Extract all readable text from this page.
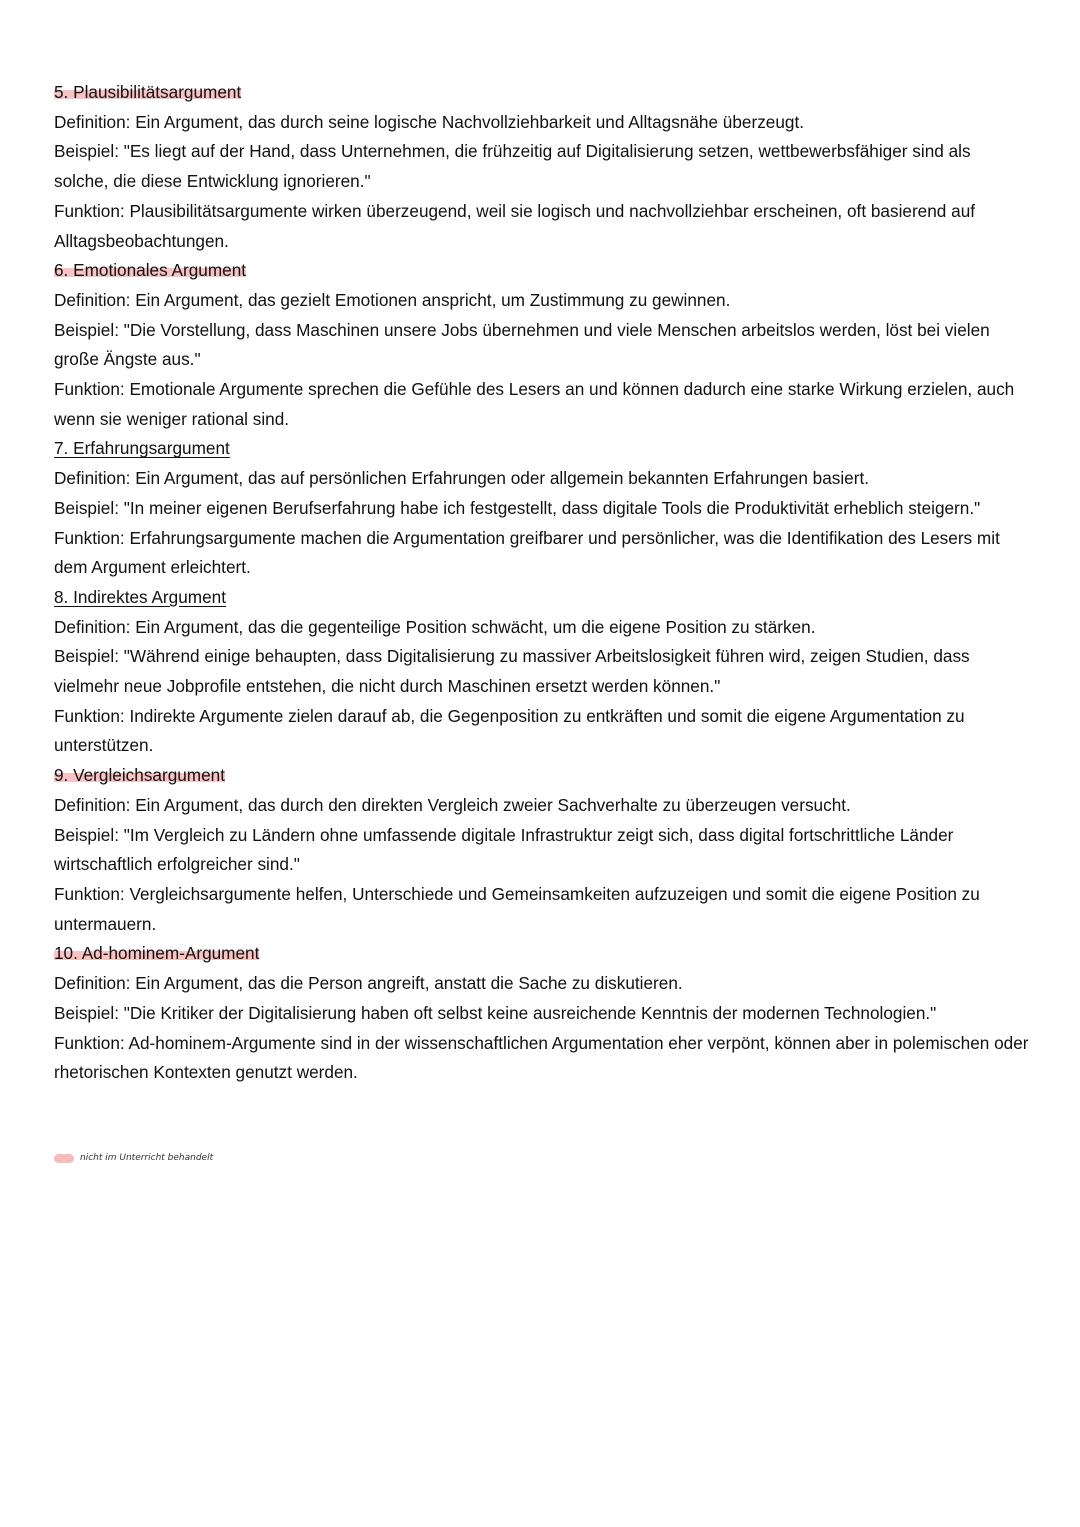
5. Plausibilitätsargument

Definition: Ein Argument, das durch seine logische Nachvollziehbarkeit und Alltagsnähe überzeugt.

Beispiel: "Es liegt auf der Hand, dass Unternehmen, die frühzeitig auf Digitalisierung setzen, wettbewerbsfähiger sind als solche, die diese Entwicklung ignorieren."

Funktion: Plausibilitätsargumente wirken überzeugend, weil sie logisch und nachvollziehbar erscheinen, oft basierend auf Alltagsbeobachtungen.

6. Emotionales Argument

Definition: Ein Argument, das gezielt Emotionen anspricht, um Zustimmung zu gewinnen.

Beispiel: "Die Vorstellung, dass Maschinen unsere Jobs übernehmen und viele Menschen arbeitslos werden, löst bei vielen große Ängste aus."

Funktion: Emotionale Argumente sprechen die Gefühle des Lesers an und können dadurch eine starke Wirkung erzielen, auch wenn sie weniger rational sind.

7. Erfahrungsargument

Definition: Ein Argument, das auf persönlichen Erfahrungen oder allgemein bekannten Erfahrungen basiert.

Beispiel: "In meiner eigenen Berufserfahrung habe ich festgestellt, dass digitale Tools die Produktivität erheblich steigern."

Funktion: Erfahrungsargumente machen die Argumentation greifbarer und persönlicher, was die Identifikation des Lesers mit dem Argument erleichtert.

8. Indirektes Argument

Definition: Ein Argument, das die gegenteilige Position schwächt, um die eigene Position zu stärken.

Beispiel: "Während einige behaupten, dass Digitalisierung zu massiver Arbeitslosigkeit führen wird, zeigen Studien, dass vielmehr neue Jobprofile entstehen, die nicht durch Maschinen ersetzt werden können."

Funktion: Indirekte Argumente zielen darauf ab, die Gegenposition zu entkräften und somit die eigene Argumentation zu unterstützen.

9. Vergleichsargument

Definition: Ein Argument, das durch den direkten Vergleich zweier Sachverhalte zu überzeugen versucht.

Beispiel: "Im Vergleich zu Ländern ohne umfassende digitale Infrastruktur zeigt sich, dass digital fortschrittliche Länder wirtschaftlich erfolgreicher sind."

Funktion: Vergleichsargumente helfen, Unterschiede und Gemeinsamkeiten aufzuzeigen und somit die eigene Position zu untermauern.

10. Ad-hominem-Argument

Definition: Ein Argument, das die Person angreift, anstatt die Sache zu diskutieren.

Beispiel: "Die Kritiker der Digitalisierung haben oft selbst keine ausreichende Kenntnis der modernen Technologien."

Funktion: Ad-hominem-Argumente sind in der wissenschaftlichen Argumentation eher verpönt, können aber in polemischen oder rhetorischen Kontexten genutzt werden.

nicht im Unterricht behandelt
